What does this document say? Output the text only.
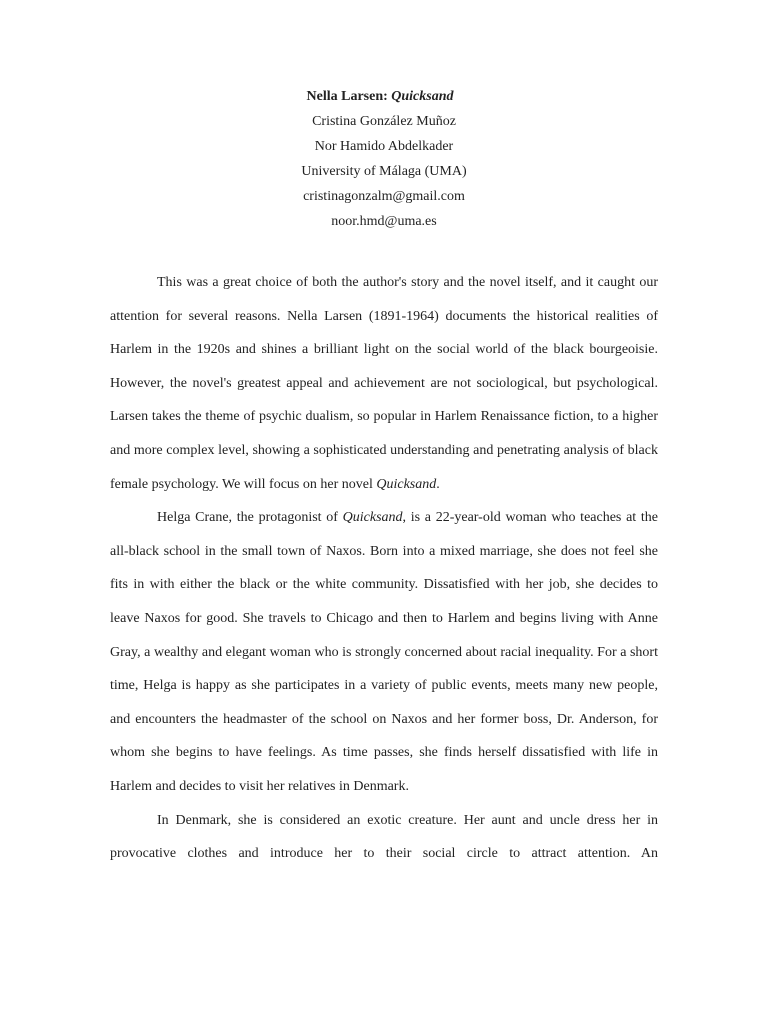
Nella Larsen: Quicksand
Cristina González Muñoz
Nor Hamido Abdelkader
University of Málaga (UMA)
cristinagonzalm@gmail.com
noor.hmd@uma.es

This was a great choice of both the author's story and the novel itself, and it caught our attention for several reasons. Nella Larsen (1891-1964) documents the historical realities of Harlem in the 1920s and shines a brilliant light on the social world of the black bourgeoisie. However, the novel's greatest appeal and achievement are not sociological, but psychological. Larsen takes the theme of psychic dualism, so popular in Harlem Renaissance fiction, to a higher and more complex level, showing a sophisticated understanding and penetrating analysis of black female psychology. We will focus on her novel Quicksand.

Helga Crane, the protagonist of Quicksand, is a 22-year-old woman who teaches at the all-black school in the small town of Naxos. Born into a mixed marriage, she does not feel she fits in with either the black or the white community. Dissatisfied with her job, she decides to leave Naxos for good. She travels to Chicago and then to Harlem and begins living with Anne Gray, a wealthy and elegant woman who is strongly concerned about racial inequality. For a short time, Helga is happy as she participates in a variety of public events, meets many new people, and encounters the headmaster of the school on Naxos and her former boss, Dr. Anderson, for whom she begins to have feelings. As time passes, she finds herself dissatisfied with life in Harlem and decides to visit her relatives in Denmark.

In Denmark, she is considered an exotic creature. Her aunt and uncle dress her in provocative clothes and introduce her to their social circle to attract attention. An
